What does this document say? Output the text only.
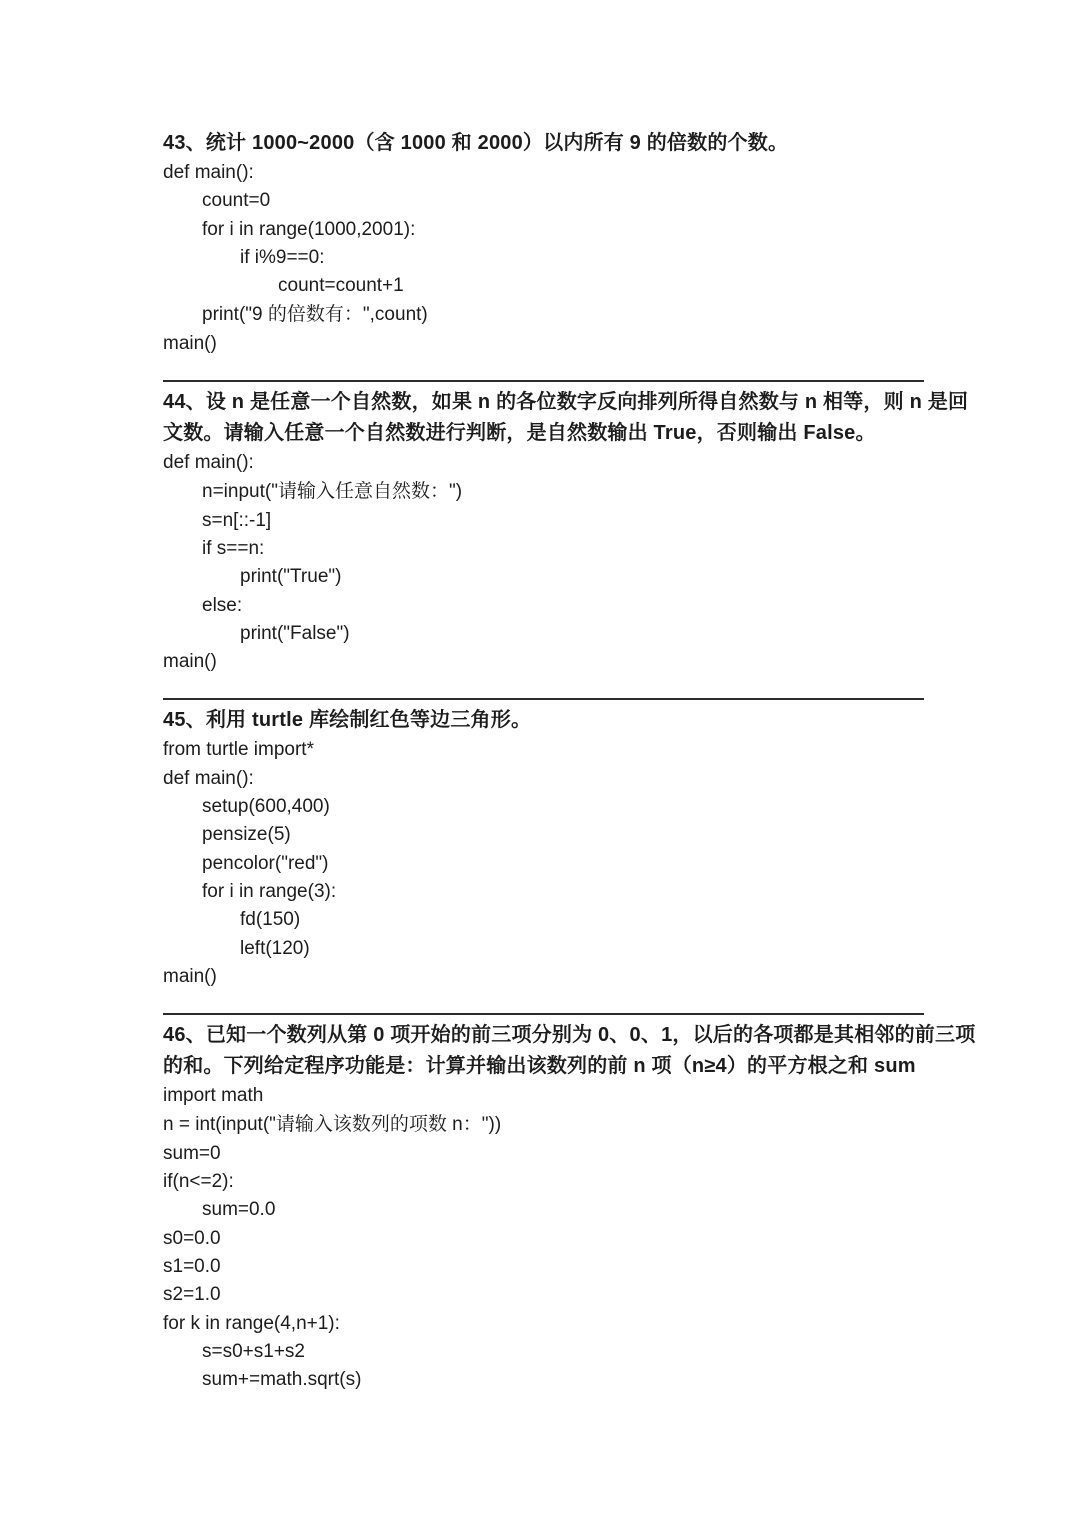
43、统计 1000~2000（含 1000 和 2000）以内所有 9 的倍数的个数。
def main():
count=0
for i in range(1000,2001):
if i%9==0:
count=count+1
print("9 的倍数有：",count)
main()
44、设 n 是任意一个自然数，如果 n 的各位数字反向排列所得自然数与 n 相等，则 n 是回
文数。请输入任意一个自然数进行判断，是自然数输出 True，否则输出 False。
def main():
n=input("请输入任意自然数：")
s=n[::-1]
if s==n:
print("True")
else:
print("False")
main()
45、利用 turtle 库绘制红色等边三角形。
from turtle import*
def main():
setup(600,400)
pensize(5)
pencolor("red")
for i in range(3):
fd(150)
left(120)
main()
46、已知一个数列从第 0 项开始的前三项分别为 0、0、1，以后的各项都是其相邻的前三项
的和。下列给定程序功能是：计算并输出该数列的前 n 项（n≥4）的平方根之和 sum
import math
n = int(input("请输入该数列的项数 n："))
sum=0
if(n<=2):
sum=0.0
s0=0.0
s1=0.0
s2=1.0
for k in range(4,n+1):
s=s0+s1+s2
sum+=math.sqrt(s)
